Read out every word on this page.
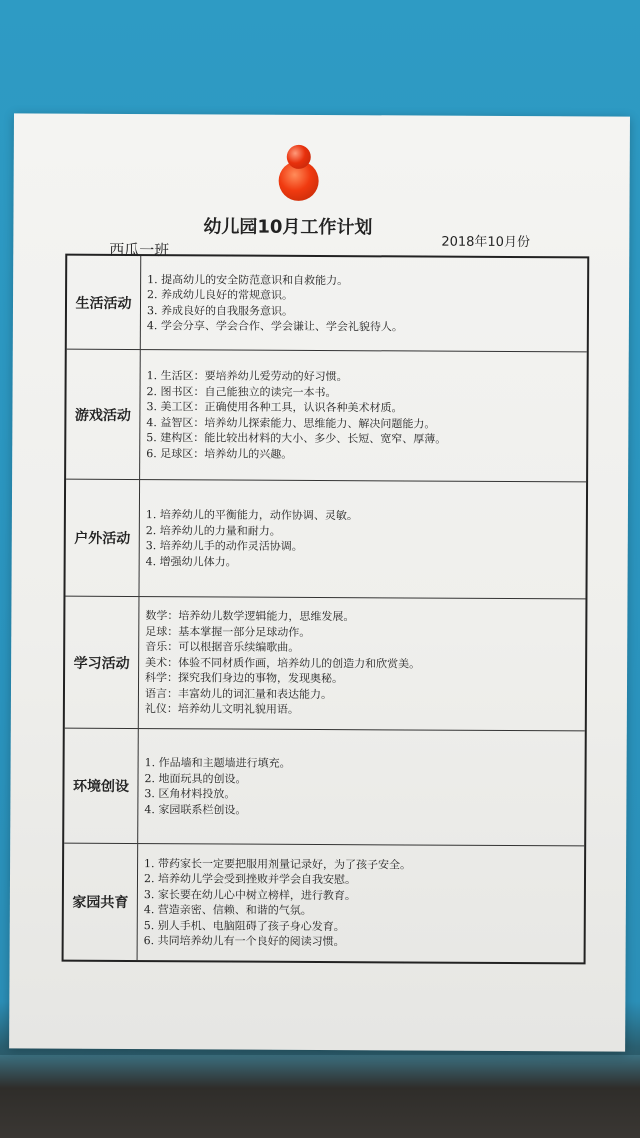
幼儿园10月工作计划
2018年10月份
西瓜一班
生活活动
1. 提高幼儿的安全防范意识和自救能力。
2. 养成幼儿良好的常规意识。
3. 养成良好的自我服务意识。
4. 学会分享、学会合作、学会谦让、学会礼貌待人。
游戏活动
1. 生活区：要培养幼儿爱劳动的好习惯。
2. 图书区：自己能独立的读完一本书。
3. 美工区：正确使用各种工具，认识各种美术材质。
4. 益智区：培养幼儿探索能力、思维能力、解决问题能力。
5. 建构区：能比较出材料的大小、多少、长短、宽窄、厚薄。
6. 足球区：培养幼儿的兴趣。
户外活动
1. 培养幼儿的平衡能力，动作协调、灵敏。
2. 培养幼儿的力量和耐力。
3. 培养幼儿手的动作灵活协调。
4. 增强幼儿体力。
学习活动
数学：培养幼儿数学逻辑能力，思维发展。
足球：基本掌握一部分足球动作。
音乐：可以根据音乐续编歌曲。
美术：体验不同材质作画，培养幼儿的创造力和欣赏美。
科学：探究我们身边的事物，发现奥秘。
语言：丰富幼儿的词汇量和表达能力。
礼仪：培养幼儿文明礼貌用语。
环境创设
1. 作品墙和主题墙进行填充。
2. 地面玩具的创设。
3. 区角材料投放。
4. 家园联系栏创设。
家园共育
1. 带药家长一定要把服用剂量记录好，为了孩子安全。
2. 培养幼儿学会受到挫败并学会自我安慰。
3. 家长要在幼儿心中树立榜样，进行教育。
4. 营造亲密、信赖、和谐的气氛。
5. 别人手机、电脑阻碍了孩子身心发育。
6. 共同培养幼儿有一个良好的阅读习惯。
